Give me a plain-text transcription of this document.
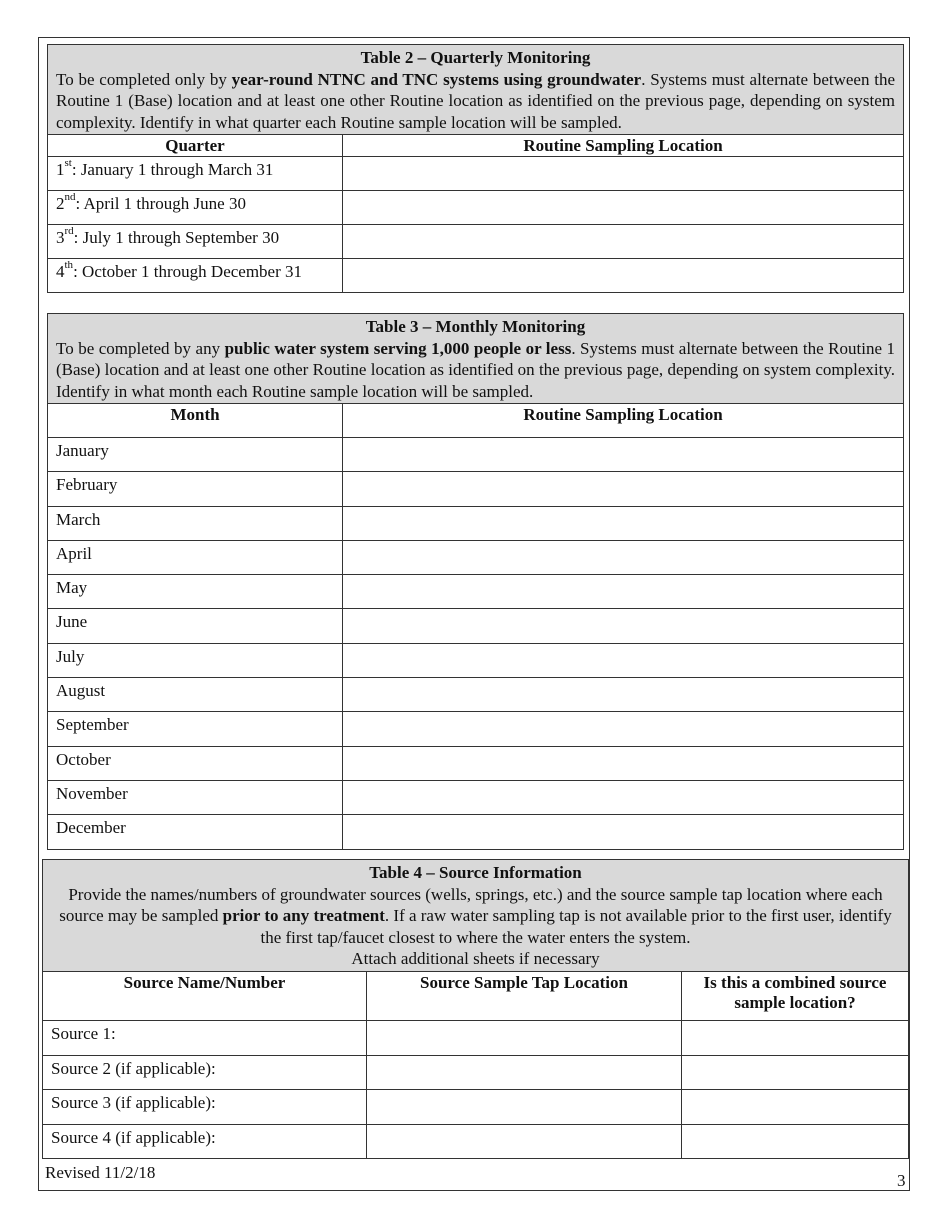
Table 2 – Quarterly Monitoring
To be completed only by year-round NTNC and TNC systems using groundwater. Systems must alternate between the Routine 1 (Base) location and at least one other Routine location as identified on the previous page, depending on system complexity. Identify in what quarter each Routine sample location will be sampled.	
Quarter	Routine Sampling Location
1st: January 1 through March 31	
2nd: April 1 through June 30	
3rd: July 1 through September 30	
4th: October 1 through December 31	
Table 3 – Monthly Monitoring
To be completed by any public water system serving 1,000 people or less. Systems must alternate between the Routine 1 (Base) location and at least one other Routine location as identified on the previous page, depending on system complexity. Identify in what month each Routine sample location will be sampled.	
Month	Routine Sampling Location
January	
February	
March	
April	
May	
June	
July	
August	
September	
October	
November	
December	
Table 4 – Source Information
Provide the names/numbers of groundwater sources (wells, springs, etc.) and the source sample tap location where each source may be sampled prior to any treatment. If a raw water sampling tap is not available prior to the first user, identify the first tap/faucet closest to where the water enters the system.
Attach additional sheets if necessary		
Source Name/Number	Source Sample Tap Location	Is this a combined source sample location?
Source 1:		
Source 2 (if applicable):		
Source 3 (if applicable):		
Source 4 (if applicable):		
Revised 11/2/18	3
